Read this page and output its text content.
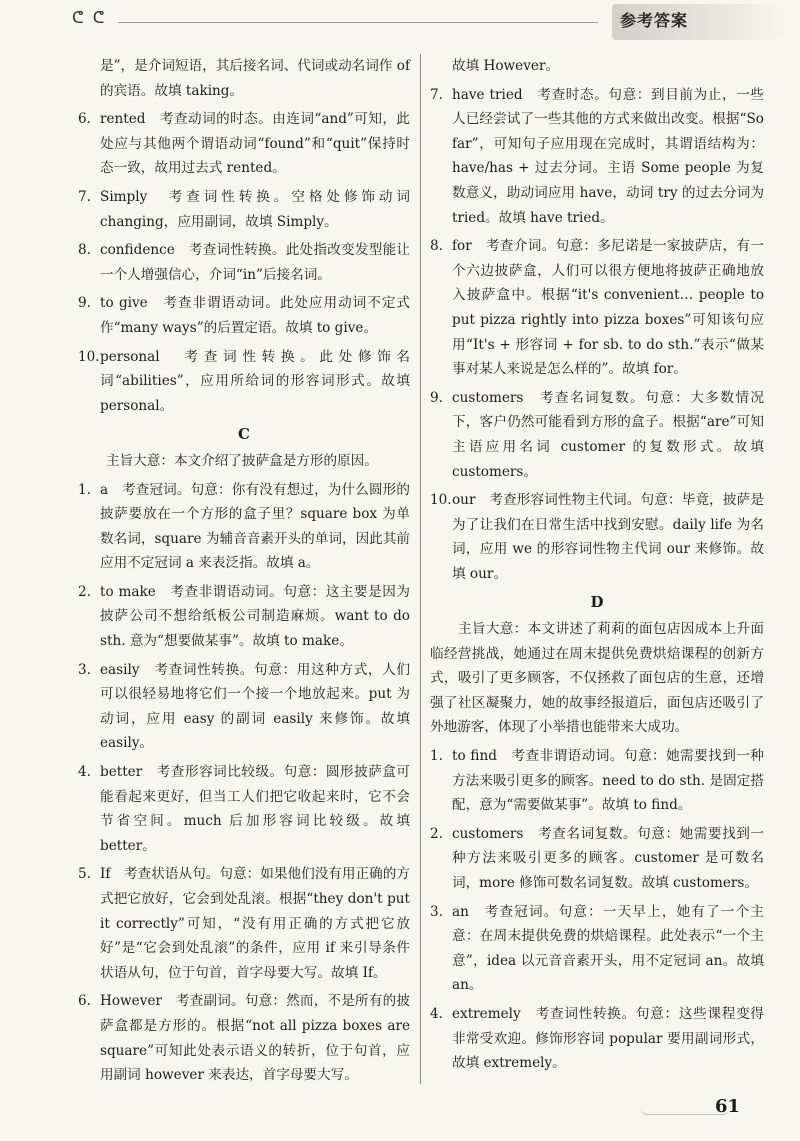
ᕦ ᕦ	参考答案

是”，是介词短语，其后接名词、代词或动名词作 of 的宾语。故填 taking。

6. rented　考查动词的时态。由连词“and”可知，此处应与其他两个谓语动词“found”和“quit”保持时态一致，故用过去式 rented。

7. Simply　考查词性转换。空格处修饰动词 changing，应用副词，故填 Simply。

8. confidence　考查词性转换。此处指改变发型能让一个人增强信心，介词“in”后接名词。

9. to give　考查非谓语动词。此处应用动词不定式作“many ways”的后置定语。故填 to give。

10.personal　考查词性转换。此处修饰名词“abilities”，应用所给词的形容词形式。故填 personal。

C

主旨大意：本文介绍了披萨盒是方形的原因。

1. a　考查冠词。句意：你有没有想过，为什么圆形的披萨要放在一个方形的盒子里？square box 为单数名词，square 为辅音音素开头的单词，因此其前应用不定冠词 a 来表泛指。故填 a。

2. to make　考查非谓语动词。句意：这主要是因为披萨公司不想给纸板公司制造麻烦。want to do sth. 意为“想要做某事”。故填 to make。

3. easily　考查词性转换。句意：用这种方式，人们可以很轻易地将它们一个接一个地放起来。put 为动词，应用 easy 的副词 easily 来修饰。故填 easily。

4. better　考查形容词比较级。句意：圆形披萨盒可能看起来更好，但当工人们把它收起来时，它不会节省空间。much 后加形容词比较级。故填 better。

5. If　考查状语从句。句意：如果他们没有用正确的方式把它放好，它会到处乱滚。根据“they don't put it correctly”可知，“没有用正确的方式把它放好”是“它会到处乱滚”的条件，应用 if 来引导条件状语从句，位于句首，首字母要大写。故填 If。

6. However　考查副词。句意：然而，不是所有的披萨盒都是方形的。根据“not all pizza boxes are square”可知此处表示语义的转折，位于句首，应用副词 however 来表达，首字母要大写。

故填 However。

7. have tried　考查时态。句意：到目前为止，一些人已经尝试了一些其他的方式来做出改变。根据“So far”，可知句子应用现在完成时，其谓语结构为：have/has + 过去分词。主语 Some people 为复数意义，助动词应用 have，动词 try 的过去分词为 tried。故填 have tried。

8. for　考查介词。句意：多尼诺是一家披萨店，有一个六边披萨盒，人们可以很方便地将披萨正确地放入披萨盒中。根据“it's convenient… people to put pizza rightly into pizza boxes”可知该句应用“It's + 形容词 + for sb. to do sth.”表示“做某事对某人来说是怎么样的”。故填 for。

9. customers　考查名词复数。句意：大多数情况下，客户仍然可能看到方形的盒子。根据“are”可知主语应用名词 customer 的复数形式。故填 customers。

10.our　考查形容词性物主代词。句意：毕竟，披萨是为了让我们在日常生活中找到安慰。daily life 为名词，应用 we 的形容词性物主代词 our 来修饰。故填 our。

D

主旨大意：本文讲述了莉莉的面包店因成本上升面临经营挑战，她通过在周末提供免费烘焙课程的创新方式，吸引了更多顾客，不仅拯救了面包店的生意，还增强了社区凝聚力，她的故事经报道后，面包店还吸引了外地游客，体现了小举措也能带来大成功。

1. to find　考查非谓语动词。句意：她需要找到一种方法来吸引更多的顾客。need to do sth. 是固定搭配，意为“需要做某事”。故填 to find。

2. customers　考查名词复数。句意：她需要找到一种方法来吸引更多的顾客。customer 是可数名词，more 修饰可数名词复数。故填 customers。

3. an　考查冠词。句意：一天早上，她有了一个主意：在周末提供免费的烘焙课程。此处表示“一个主意”，idea 以元音音素开头，用不定冠词 an。故填 an。

4. extremely　考查词性转换。句意：这些课程变得非常受欢迎。修饰形容词 popular 要用副词形式，故填 extremely。

61
